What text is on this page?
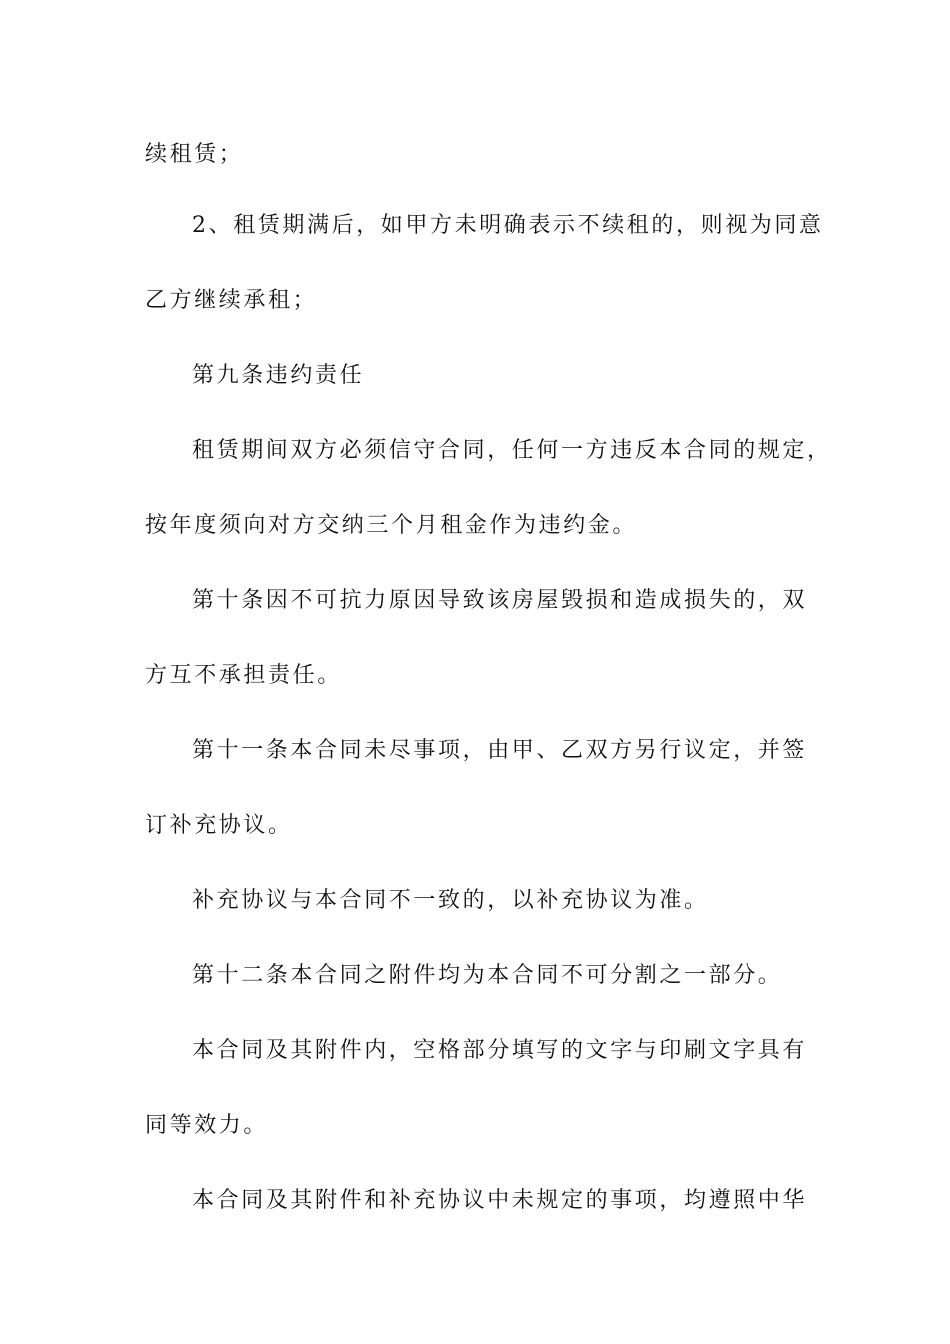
续租赁；
2、租赁期满后，如甲方未明确表示不续租的，则视为同意
乙方继续承租；
第九条违约责任
租赁期间双方必须信守合同，任何一方违反本合同的规定，
按年度须向对方交纳三个月租金作为违约金。
第十条因不可抗力原因导致该房屋毁损和造成损失的，双
方互不承担责任。
第十一条本合同未尽事项，由甲、乙双方另行议定，并签
订补充协议。
补充协议与本合同不一致的，以补充协议为准。
第十二条本合同之附件均为本合同不可分割之一部分。
本合同及其附件内，空格部分填写的文字与印刷文字具有
同等效力。
本合同及其附件和补充协议中未规定的事项，均遵照中华
